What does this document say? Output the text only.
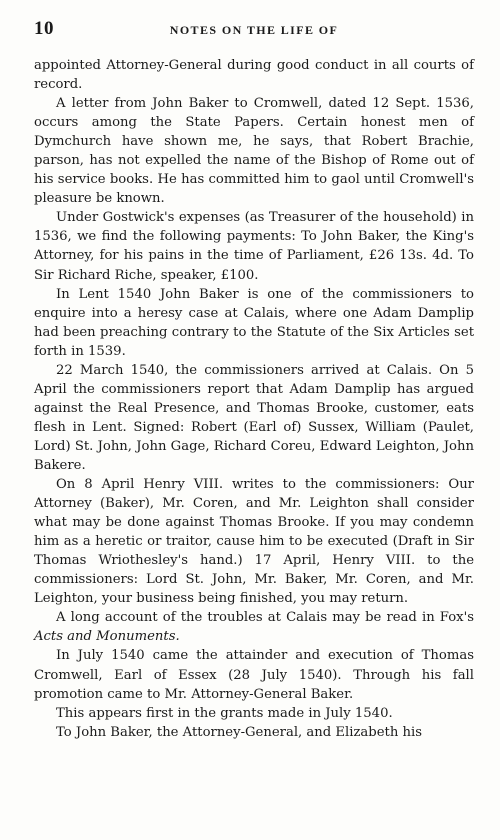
10	NOTES ON THE LIFE OF

appointed Attorney-General during good conduct in all courts of record.

A letter from John Baker to Cromwell, dated 12 Sept. 1536, occurs among the State Papers. Certain honest men of Dymchurch have shown me, he says, that Robert Brachie, parson, has not expelled the name of the Bishop of Rome out of his service books. He has committed him to gaol until Cromwell's pleasure be known.

Under Gostwick's expenses (as Treasurer of the household) in 1536, we find the following payments: To John Baker, the King's Attorney, for his pains in the time of Parliament, £26 13s. 4d. To Sir Richard Riche, speaker, £100.

In Lent 1540 John Baker is one of the commissioners to enquire into a heresy case at Calais, where one Adam Damplip had been preaching contrary to the Statute of the Six Articles set forth in 1539.

22 March 1540, the commissioners arrived at Calais. On 5 April the commissioners report that Adam Damplip has argued against the Real Presence, and Thomas Brooke, customer, eats flesh in Lent. Signed: Robert (Earl of) Sussex, William (Paulet, Lord) St. John, John Gage, Richard Coreu, Edward Leighton, John Bakere.

On 8 April Henry VIII. writes to the commissioners: Our Attorney (Baker), Mr. Coren, and Mr. Leighton shall consider what may be done against Thomas Brooke. If you may condemn him as a heretic or traitor, cause him to be executed (Draft in Sir Thomas Wriothesley's hand.) 17 April, Henry VIII. to the commissioners: Lord St. John, Mr. Baker, Mr. Coren, and Mr. Leighton, your business being finished, you may return.

A long account of the troubles at Calais may be read in Fox's Acts and Monuments.

In July 1540 came the attainder and execution of Thomas Cromwell, Earl of Essex (28 July 1540). Through his fall promotion came to Mr. Attorney-General Baker.

This appears first in the grants made in July 1540.

To John Baker, the Attorney-General, and Elizabeth his
